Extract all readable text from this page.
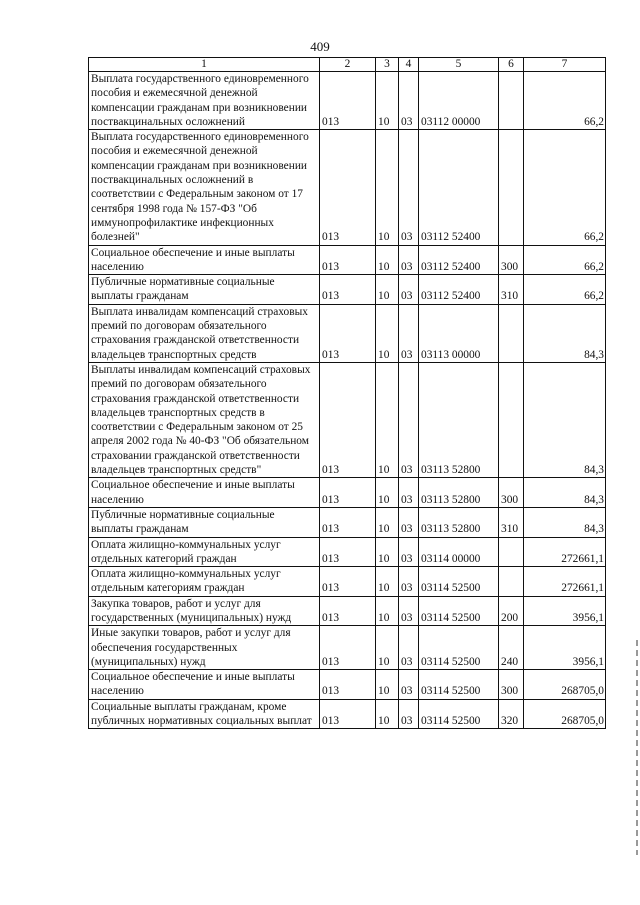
409
1	2	3	4	5	6	7
Выплата государственного единовременного пособия и ежемесячной денежной компенсации гражданам при возникновении поствакцинальных осложнений	013	10	03	03112 00000		66,2
Выплата государственного единовременного пособия и ежемесячной денежной компенсации гражданам при возникновении поствакцинальных осложнений в соответствии с Федеральным законом от 17 сентября 1998 года № 157-ФЗ "Об иммунопрофилактике инфекционных болезней"	013	10	03	03112 52400		66,2
Социальное обеспечение и иные выплаты населению	013	10	03	03112 52400	300	66,2
Публичные нормативные социальные выплаты гражданам	013	10	03	03112 52400	310	66,2
Выплата инвалидам компенсаций страховых премий по договорам обязательного страхования гражданской ответственности владельцев транспортных средств	013	10	03	03113 00000		84,3
Выплаты инвалидам компенсаций страховых премий по договорам обязательного страхования гражданской ответственности владельцев транспортных средств в соответствии с Федеральным законом от 25 апреля 2002 года № 40-ФЗ "Об обязательном страховании гражданской ответственности владельцев транспортных средств"	013	10	03	03113 52800		84,3
Социальное обеспечение и иные выплаты населению	013	10	03	03113 52800	300	84,3
Публичные нормативные социальные выплаты гражданам	013	10	03	03113 52800	310	84,3
Оплата жилищно-коммунальных услуг отдельных категорий граждан	013	10	03	03114 00000		272661,1
Оплата жилищно-коммунальных услуг отдельным категориям граждан	013	10	03	03114 52500		272661,1
Закупка товаров, работ и услуг для государственных (муниципальных) нужд	013	10	03	03114 52500	200	3956,1
Иные закупки товаров, работ и услуг для обеспечения государственных (муниципальных) нужд	013	10	03	03114 52500	240	3956,1
Социальное обеспечение и иные выплаты населению	013	10	03	03114 52500	300	268705,0
Социальные выплаты гражданам, кроме публичных нормативных социальных выплат	013	10	03	03114 52500	320	268705,0
